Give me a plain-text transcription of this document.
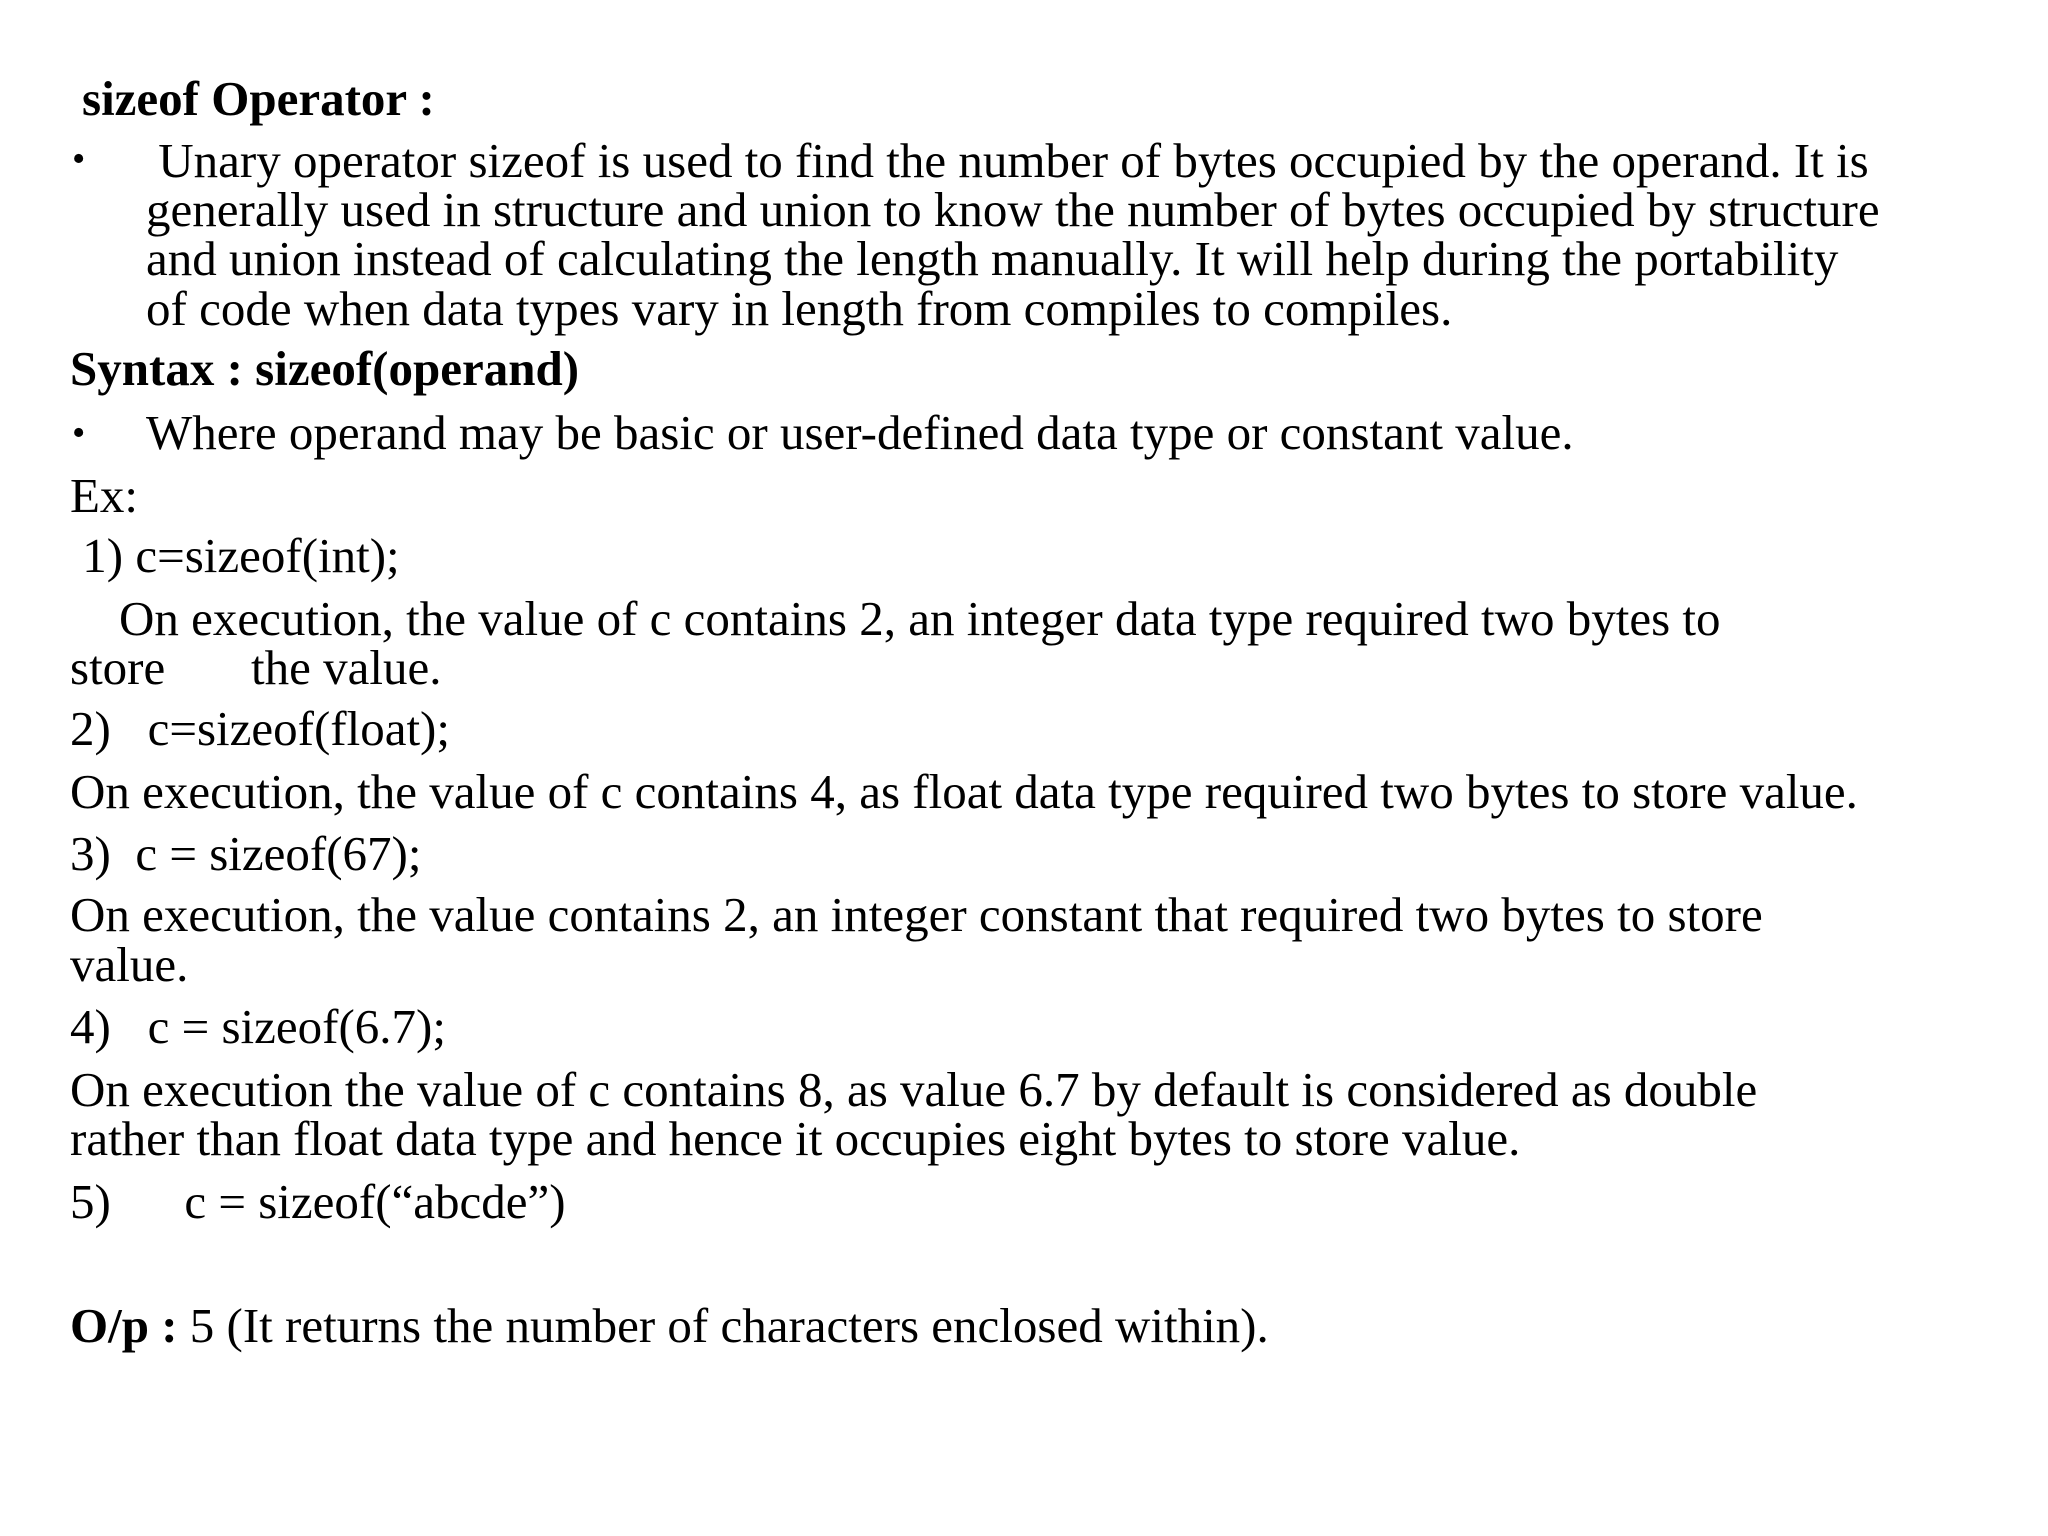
sizeof Operator :
• Unary operator sizeof is used to find the number of bytes occupied by the operand. It is
generally used in structure and union to know the number of bytes occupied by structure
and union instead of calculating the length manually. It will help during the portability
of code when data types vary in length from compiles to compiles.
Syntax : sizeof(operand)
• Where operand may be basic or user-defined data type or constant value.
Ex:
1) c=sizeof(int);
On execution, the value of c contains 2, an integer data type required two bytes to
store       the value.
2)   c=sizeof(float);
On execution, the value of c contains 4, as float data type required two bytes to store value.
3)  c = sizeof(67);
On execution, the value contains 2, an integer constant that required two bytes to store
value.
4)   c = sizeof(6.7);
On execution the value of c contains 8, as value 6.7 by default is considered as double
rather than float data type and hence it occupies eight bytes to store value.
5)      c = sizeof(“abcde”)
O/p : 5 (It returns the number of characters enclosed within).
